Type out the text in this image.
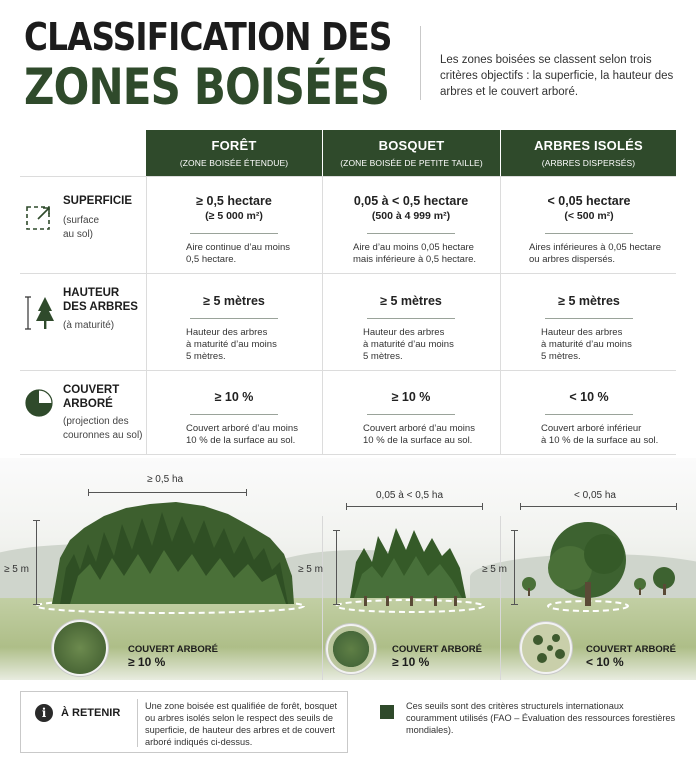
CLASSIFICATION DES
ZONES BOISÉES	Les zones boisées se classent selon trois critères objectifs : la superficie, la hauteur des arbres et le couvert arboré.
FORÊT
(ZONE BOISÉE ÉTENDUE)
BOSQUET
(ZONE BOISÉE DE PETITE TAILLE)
ARBRES ISOLÉS
(ARBRES DISPERSÉS)
SUPERFICIE
(surface
au sol)
≥ 0,5 hectare
(≥ 5 000 m²)
Aire continue d’au moins
0,5 hectare.
0,05 à < 0,5 hectare
(500 à 4 999 m²)
Aire d’au moins 0,05 hectare
mais inférieure à 0,5 hectare.
< 0,05 hectare
(< 500 m²)
Aires inférieures à 0,05 hectare
ou arbres dispersés.
HAUTEUR
DES ARBRES
(à maturité)
≥ 5 mètres
Hauteur des arbres
à maturité d’au moins
5 mètres.
≥ 5 mètres
Hauteur des arbres
à maturité d’au moins
5 mètres.
≥ 5 mètres
Hauteur des arbres
à maturité d’au moins
5 mètres.
COUVERT
ARBORÉ
(projection des
couronnes au sol)
≥ 10 %
Couvert arboré d’au moins
10 % de la surface au sol.
≥ 10 %
Couvert arboré d’au moins
10 % de la surface au sol.
< 10 %
Couvert arboré inférieur
à 10 % de la surface au sol.
≥ 0,5 ha
≥ 5 m
0,05 à < 0,5 ha
≥ 5 m
< 0,05 ha
≥ 5 m
COUVERT ARBORÉ
≥ 10 %
COUVERT ARBORÉ
≥ 10 %
COUVERT ARBORÉ
< 10 %
i	À RETENIR
Une zone boisée est qualifiée de forêt, bosquet ou arbres isolés selon le respect des seuils de superficie, de hauteur des arbres et de couvert arboré indiqués ci-dessus.
Ces seuils sont des critères structurels internationaux couramment utilisés (FAO – Évaluation des ressources forestières mondiales).
